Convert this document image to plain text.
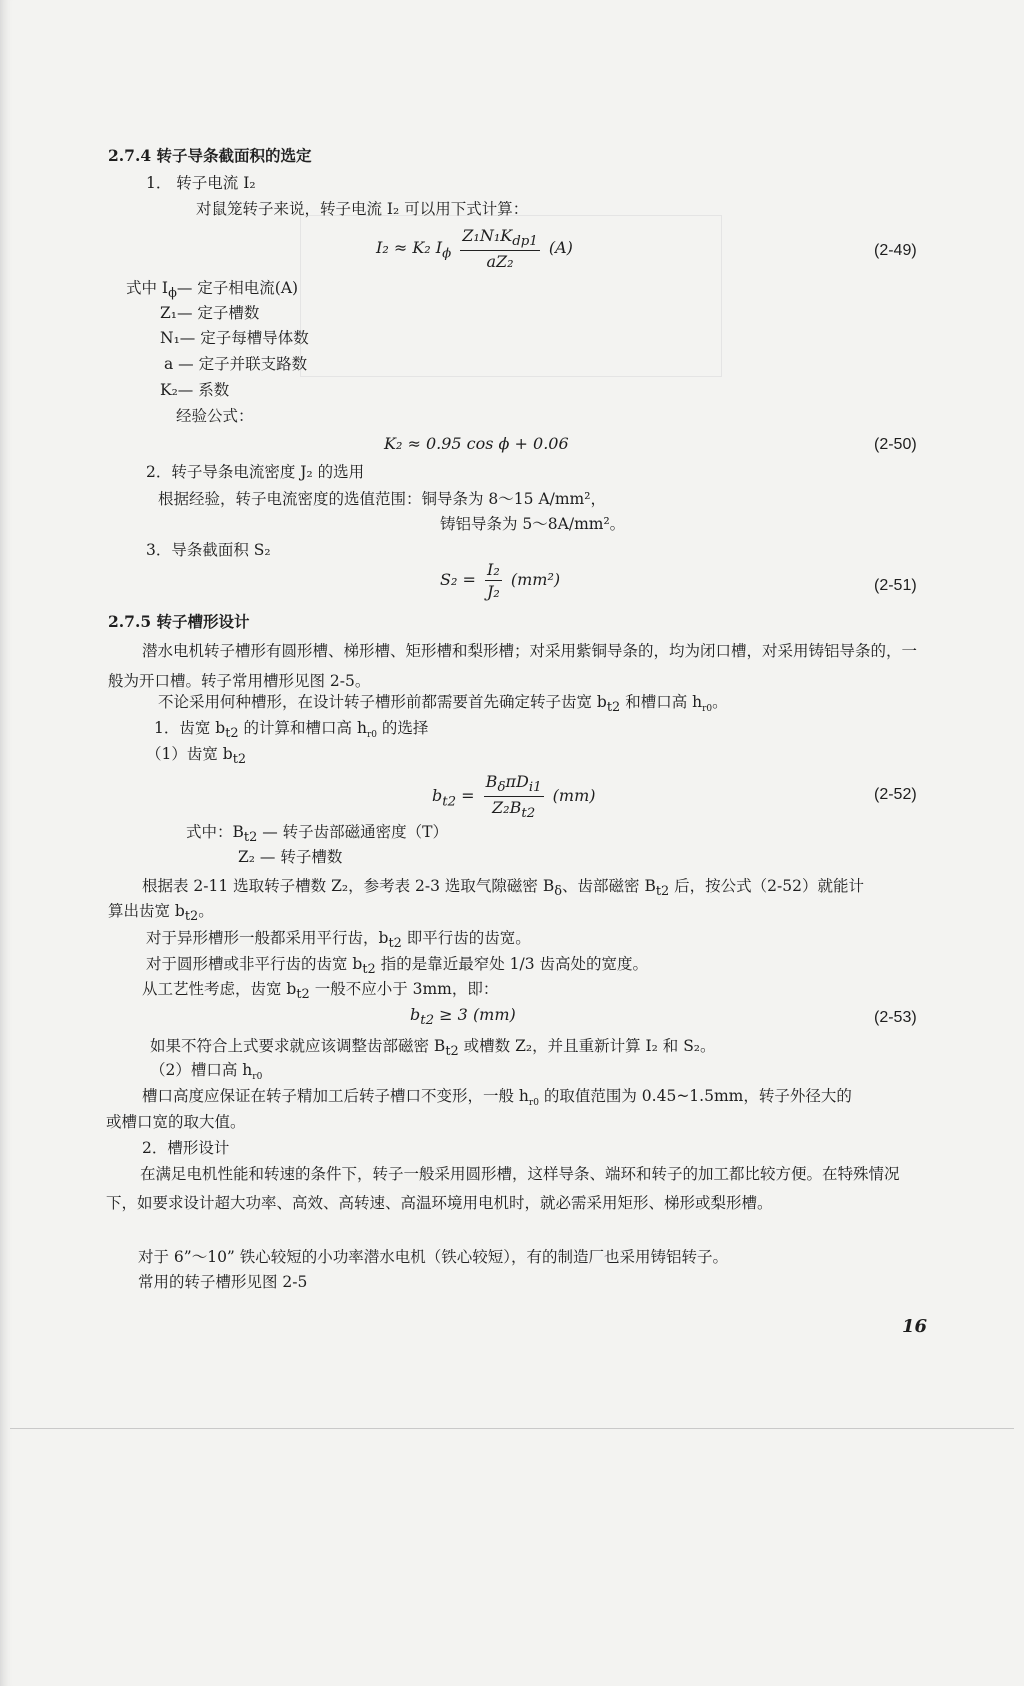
2.7.4 转子导条截面积的选定
1． 转子电流 I₂
对鼠笼转子来说，转子电流 I₂ 可以用下式计算：
I₂ ≈ K₂ $I_\phi \frac{Z_1N_1K_{dp1}}{\text{aZ₂}} (A)$	(2-49)
式中 $I_\phi—$ 定子相电流(A)
Z₁— 定子槽数
N₁— 定子每槽导体数
a — 定子并联支路数
K₂— 系数
经验公式：
K₂ ≈ 0.95 cos ϕ + 0.06	(2-50)
2．转子导条电流密度 J₂ 的选用
根据经验，转子电流密度的选值范围：铜导条为 8～15 A/mm²，
铸铝导条为 5～8A/mm²。
3．导条截面积 S₂
$S_2 = \frac{\text{I₂}}{\text{J₂}} (mm^2)$	(2-51)
2.7.5 转子槽形设计
潜水电机转子槽形有圆形槽、梯形槽、矩形槽和梨形槽；对采用紫铜导条的，均为闭口槽，对采用铸铝导条的，一般为开口槽。转子常用槽形见图 2-5。
不论采用何种槽形，在设计转子槽形前都需要首先确定转子齿宽 $b_{t2}$ 和槽口高 $h_{r0}$。
1．齿宽 $b_{t2}$ 的计算和槽口高 $h_{r0}$ 的选择
（1）齿宽 $b_{t2}$
$b_{t2} = \frac{B_\delta\pi D_{i1}}{Z_2B_{t2}} (mm)$	(2-52)
式中：$B_{t2}$ — 转子齿部磁通密度（T）
Z₂ — 转子槽数
根据表 2-11 选取转子槽数 Z₂，参考表 2-3 选取气隙磁密 $B_\delta$、齿部磁密 $B_{t2}$ 后，按公式（2-52）就能计
算出齿宽 $b_{t2}$。
对于异形槽形一般都采用平行齿，$b_{t2}$ 即平行齿的齿宽。
对于圆形槽或非平行齿的齿宽 $b_{t2}$ 指的是靠近最窄处 1/3 齿高处的宽度。
从工艺性考虑，齿宽 $b_{t2}$ 一般不应小于 3mm，即：
$b_{t2} \ge 3$ (mm)	(2-53)
如果不符合上式要求就应该调整齿部磁密 $B_{t2}$ 或槽数 Z₂，并且重新计算 I₂ 和 S₂。
（2）槽口高 $h_{r0}$
槽口高度应保证在转子精加工后转子槽口不变形，一般 $h_{r0}$ 的取值范围为 0.45~1.5mm，转子外径大的
或槽口宽的取大值。
2．槽形设计
在满足电机性能和转速的条件下，转子一般采用圆形槽，这样导条、端环和转子的加工都比较方便。在特殊情况下，如要求设计超大功率、高效、高转速、高温环境用电机时，就必需采用矩形、梯形或梨形槽。
对于 6”～10” 铁心较短的小功率潜水电机（铁心较短），有的制造厂也采用铸铝转子。
常用的转子槽形见图 2-5
16
